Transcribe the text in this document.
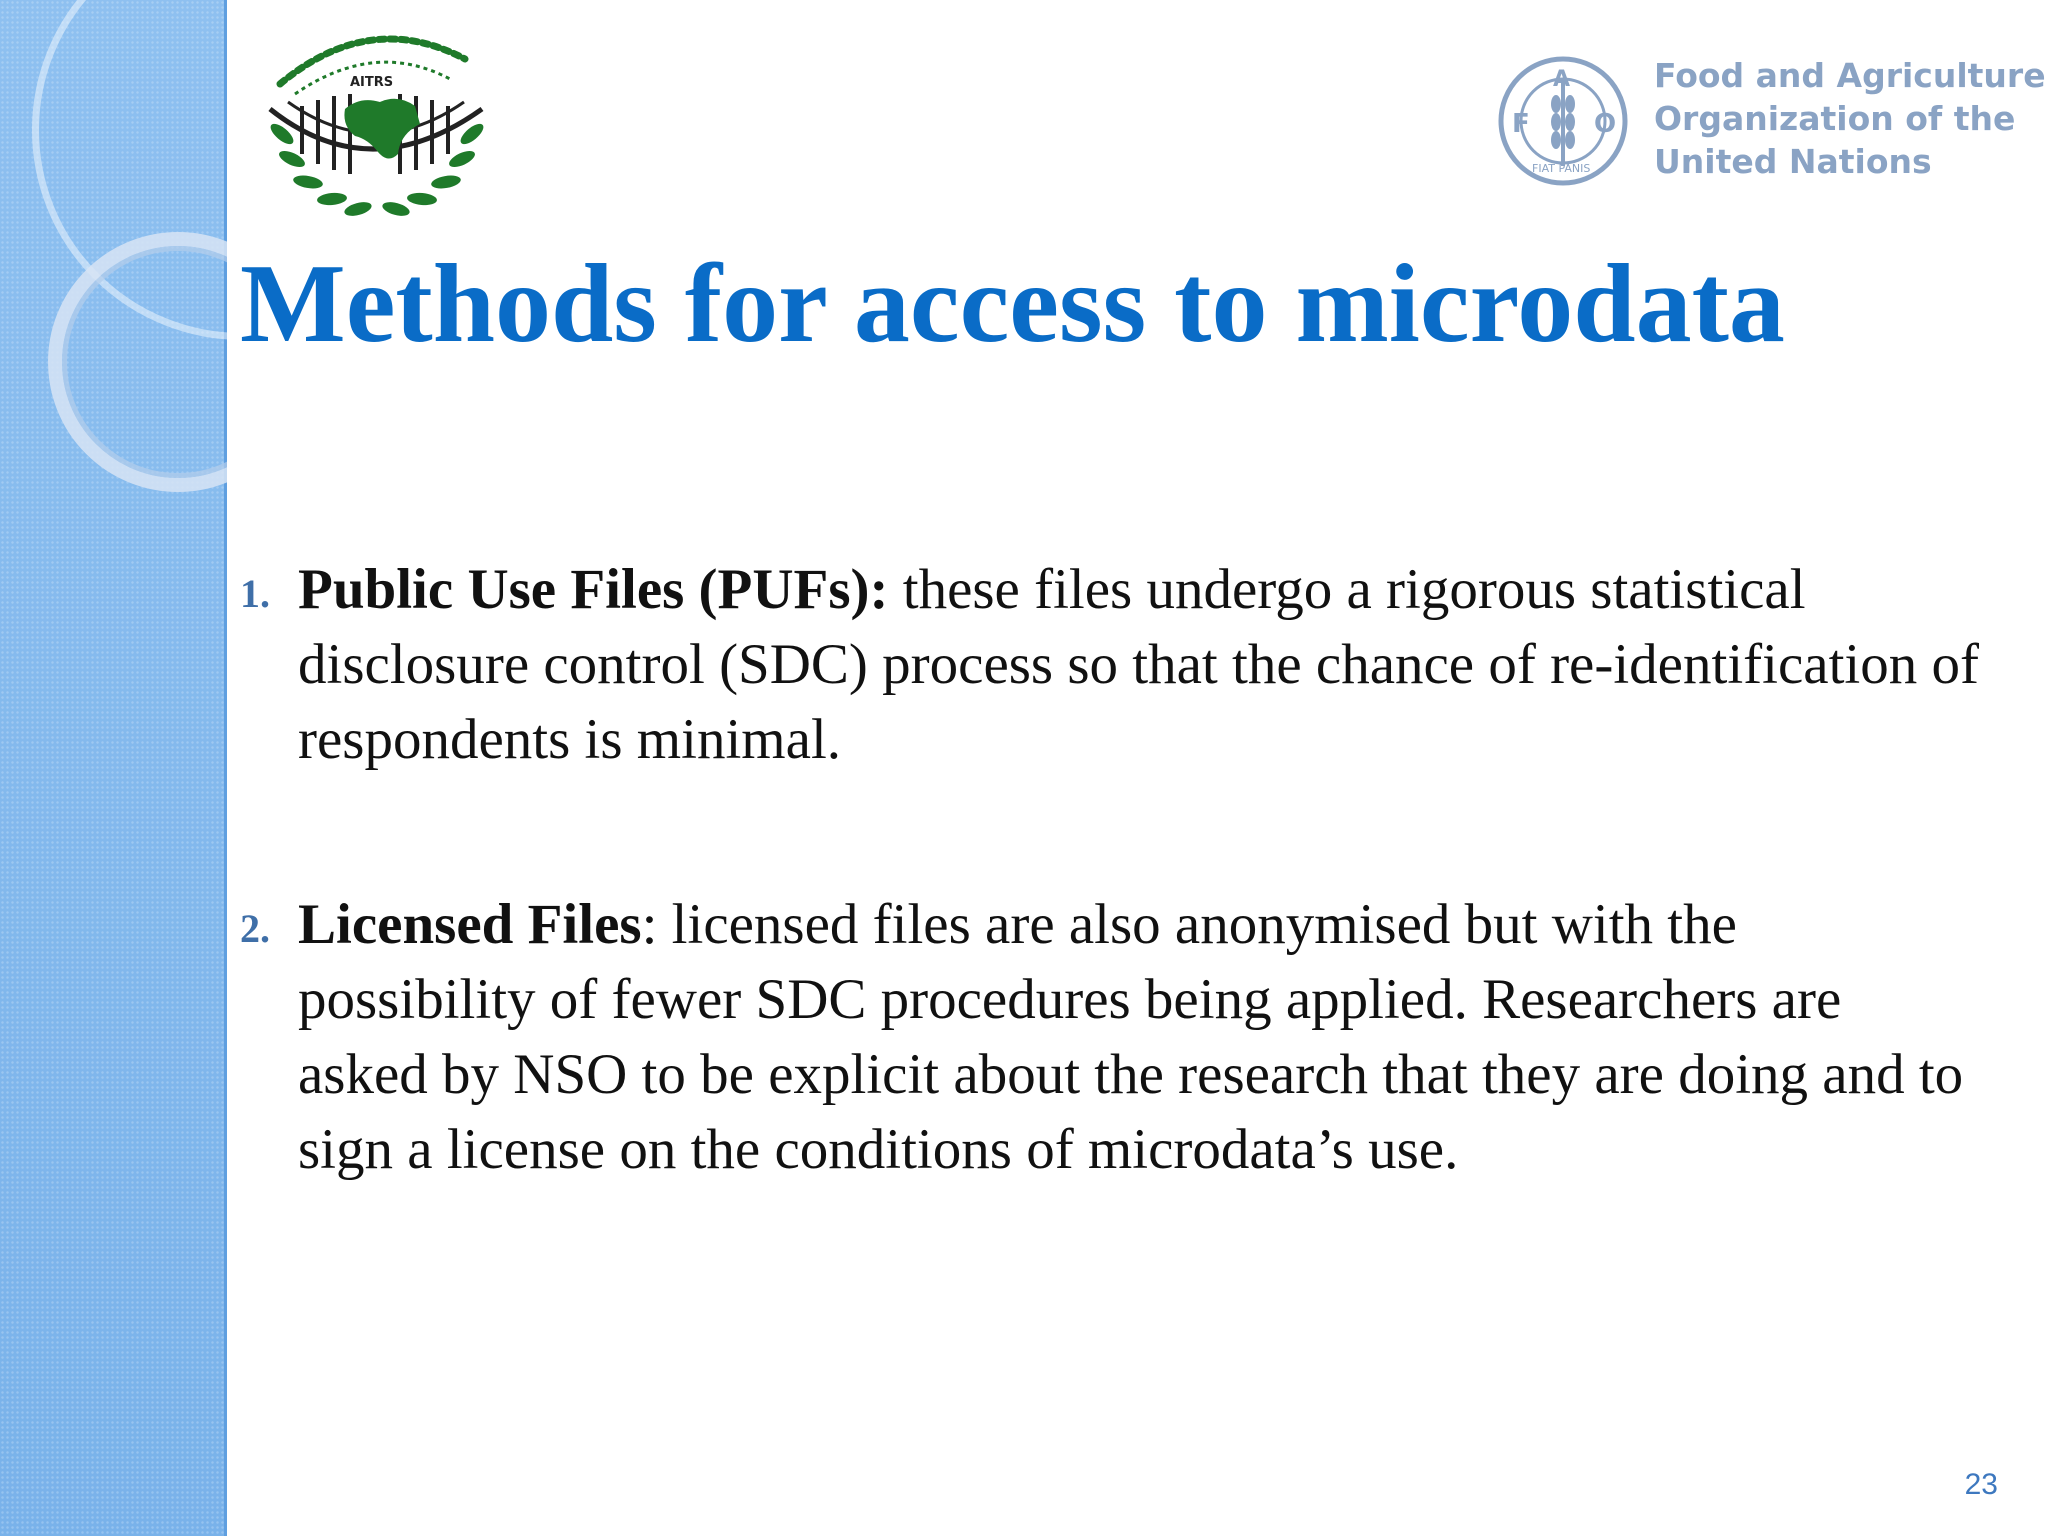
AITRS
F
A
O
FIAT PANIS
Food and Agriculture
Organization of the
United Nations
Methods for access to microdata
1. Public Use Files (PUFs): these files undergo a rigorous statistical disclosure control (SDC) process so that the chance of re-identification of respondents is minimal.
2. Licensed Files: licensed files are also anonymised but with the possibility of fewer SDC procedures being applied. Researchers are asked by NSO to be explicit about the research that they are doing and to sign a license on the conditions of microdata’s use.
23
